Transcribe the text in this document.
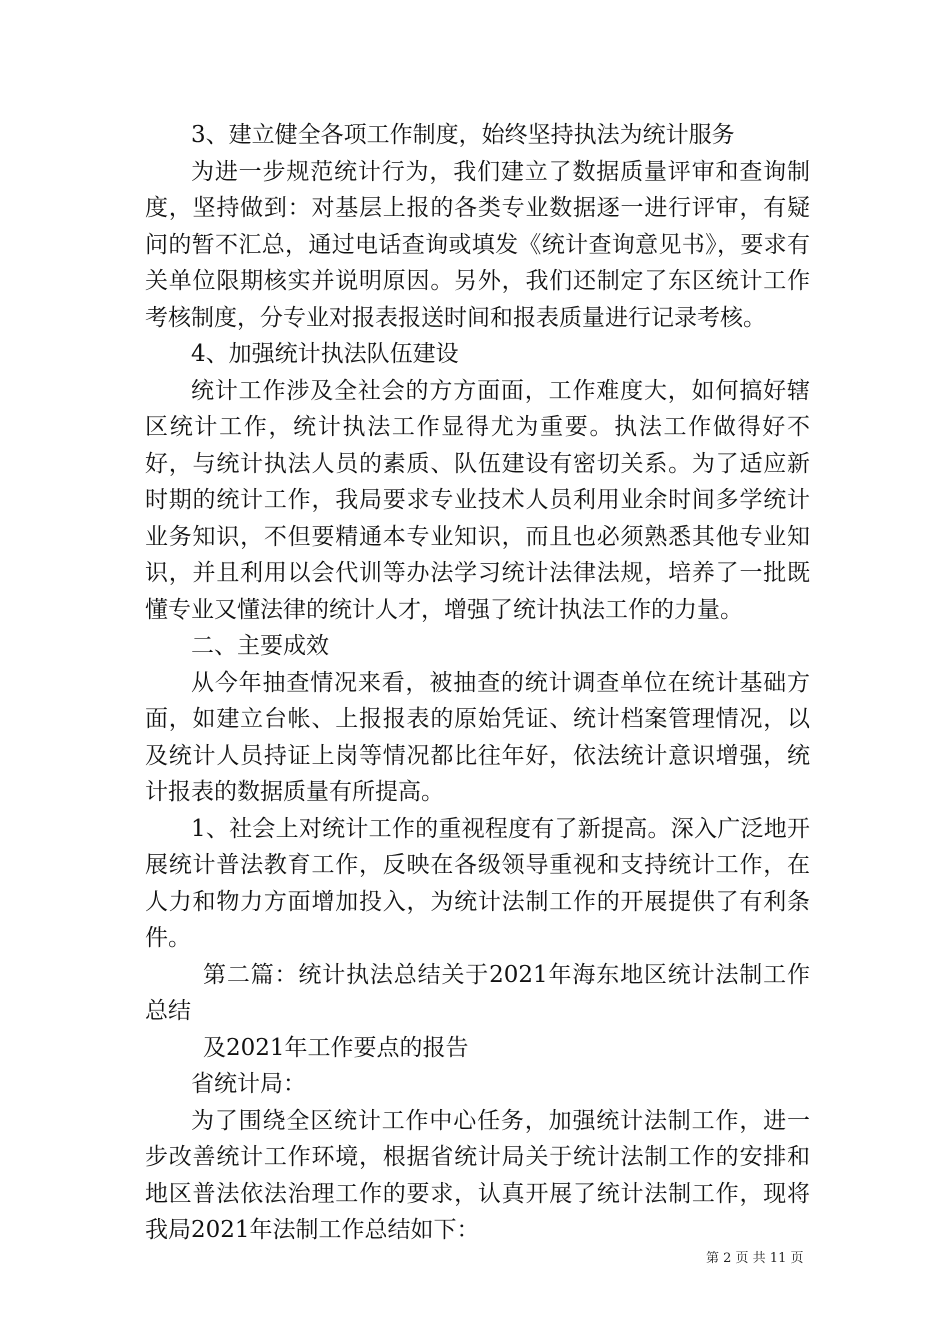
3、建立健全各项工作制度，始终坚持执法为统计服务

为进一步规范统计行为，我们建立了数据质量评审和查询制度，坚持做到：对基层上报的各类专业数据逐一进行评审，有疑问的暂不汇总，通过电话查询或填发《统计查询意见书》，要求有关单位限期核实并说明原因。另外，我们还制定了东区统计工作考核制度，分专业对报表报送时间和报表质量进行记录考核。

4、加强统计执法队伍建设

统计工作涉及全社会的方方面面，工作难度大，如何搞好辖区统计工作，统计执法工作显得尤为重要。执法工作做得好不好，与统计执法人员的素质、队伍建设有密切关系。为了适应新时期的统计工作，我局要求专业技术人员利用业余时间多学统计业务知识，不但要精通本专业知识，而且也必须熟悉其他专业知识，并且利用以会代训等办法学习统计法律法规，培养了一批既懂专业又懂法律的统计人才，增强了统计执法工作的力量。

二、主要成效

从今年抽查情况来看，被抽查的统计调查单位在统计基础方面，如建立台帐、上报报表的原始凭证、统计档案管理情况，以及统计人员持证上岗等情况都比往年好，依法统计意识增强，统计报表的数据质量有所提高。

1、社会上对统计工作的重视程度有了新提高。深入广泛地开展统计普法教育工作，反映在各级领导重视和支持统计工作，在人力和物力方面增加投入，为统计法制工作的开展提供了有利条件。

第二篇：统计执法总结关于2021年海东地区统计法制工作总结

及2021年工作要点的报告

省统计局：

为了围绕全区统计工作中心任务，加强统计法制工作，进一步改善统计工作环境，根据省统计局关于统计法制工作的安排和地区普法依法治理工作的要求，认真开展了统计法制工作，现将我局2021年法制工作总结如下：

第 2 页 共 11 页
